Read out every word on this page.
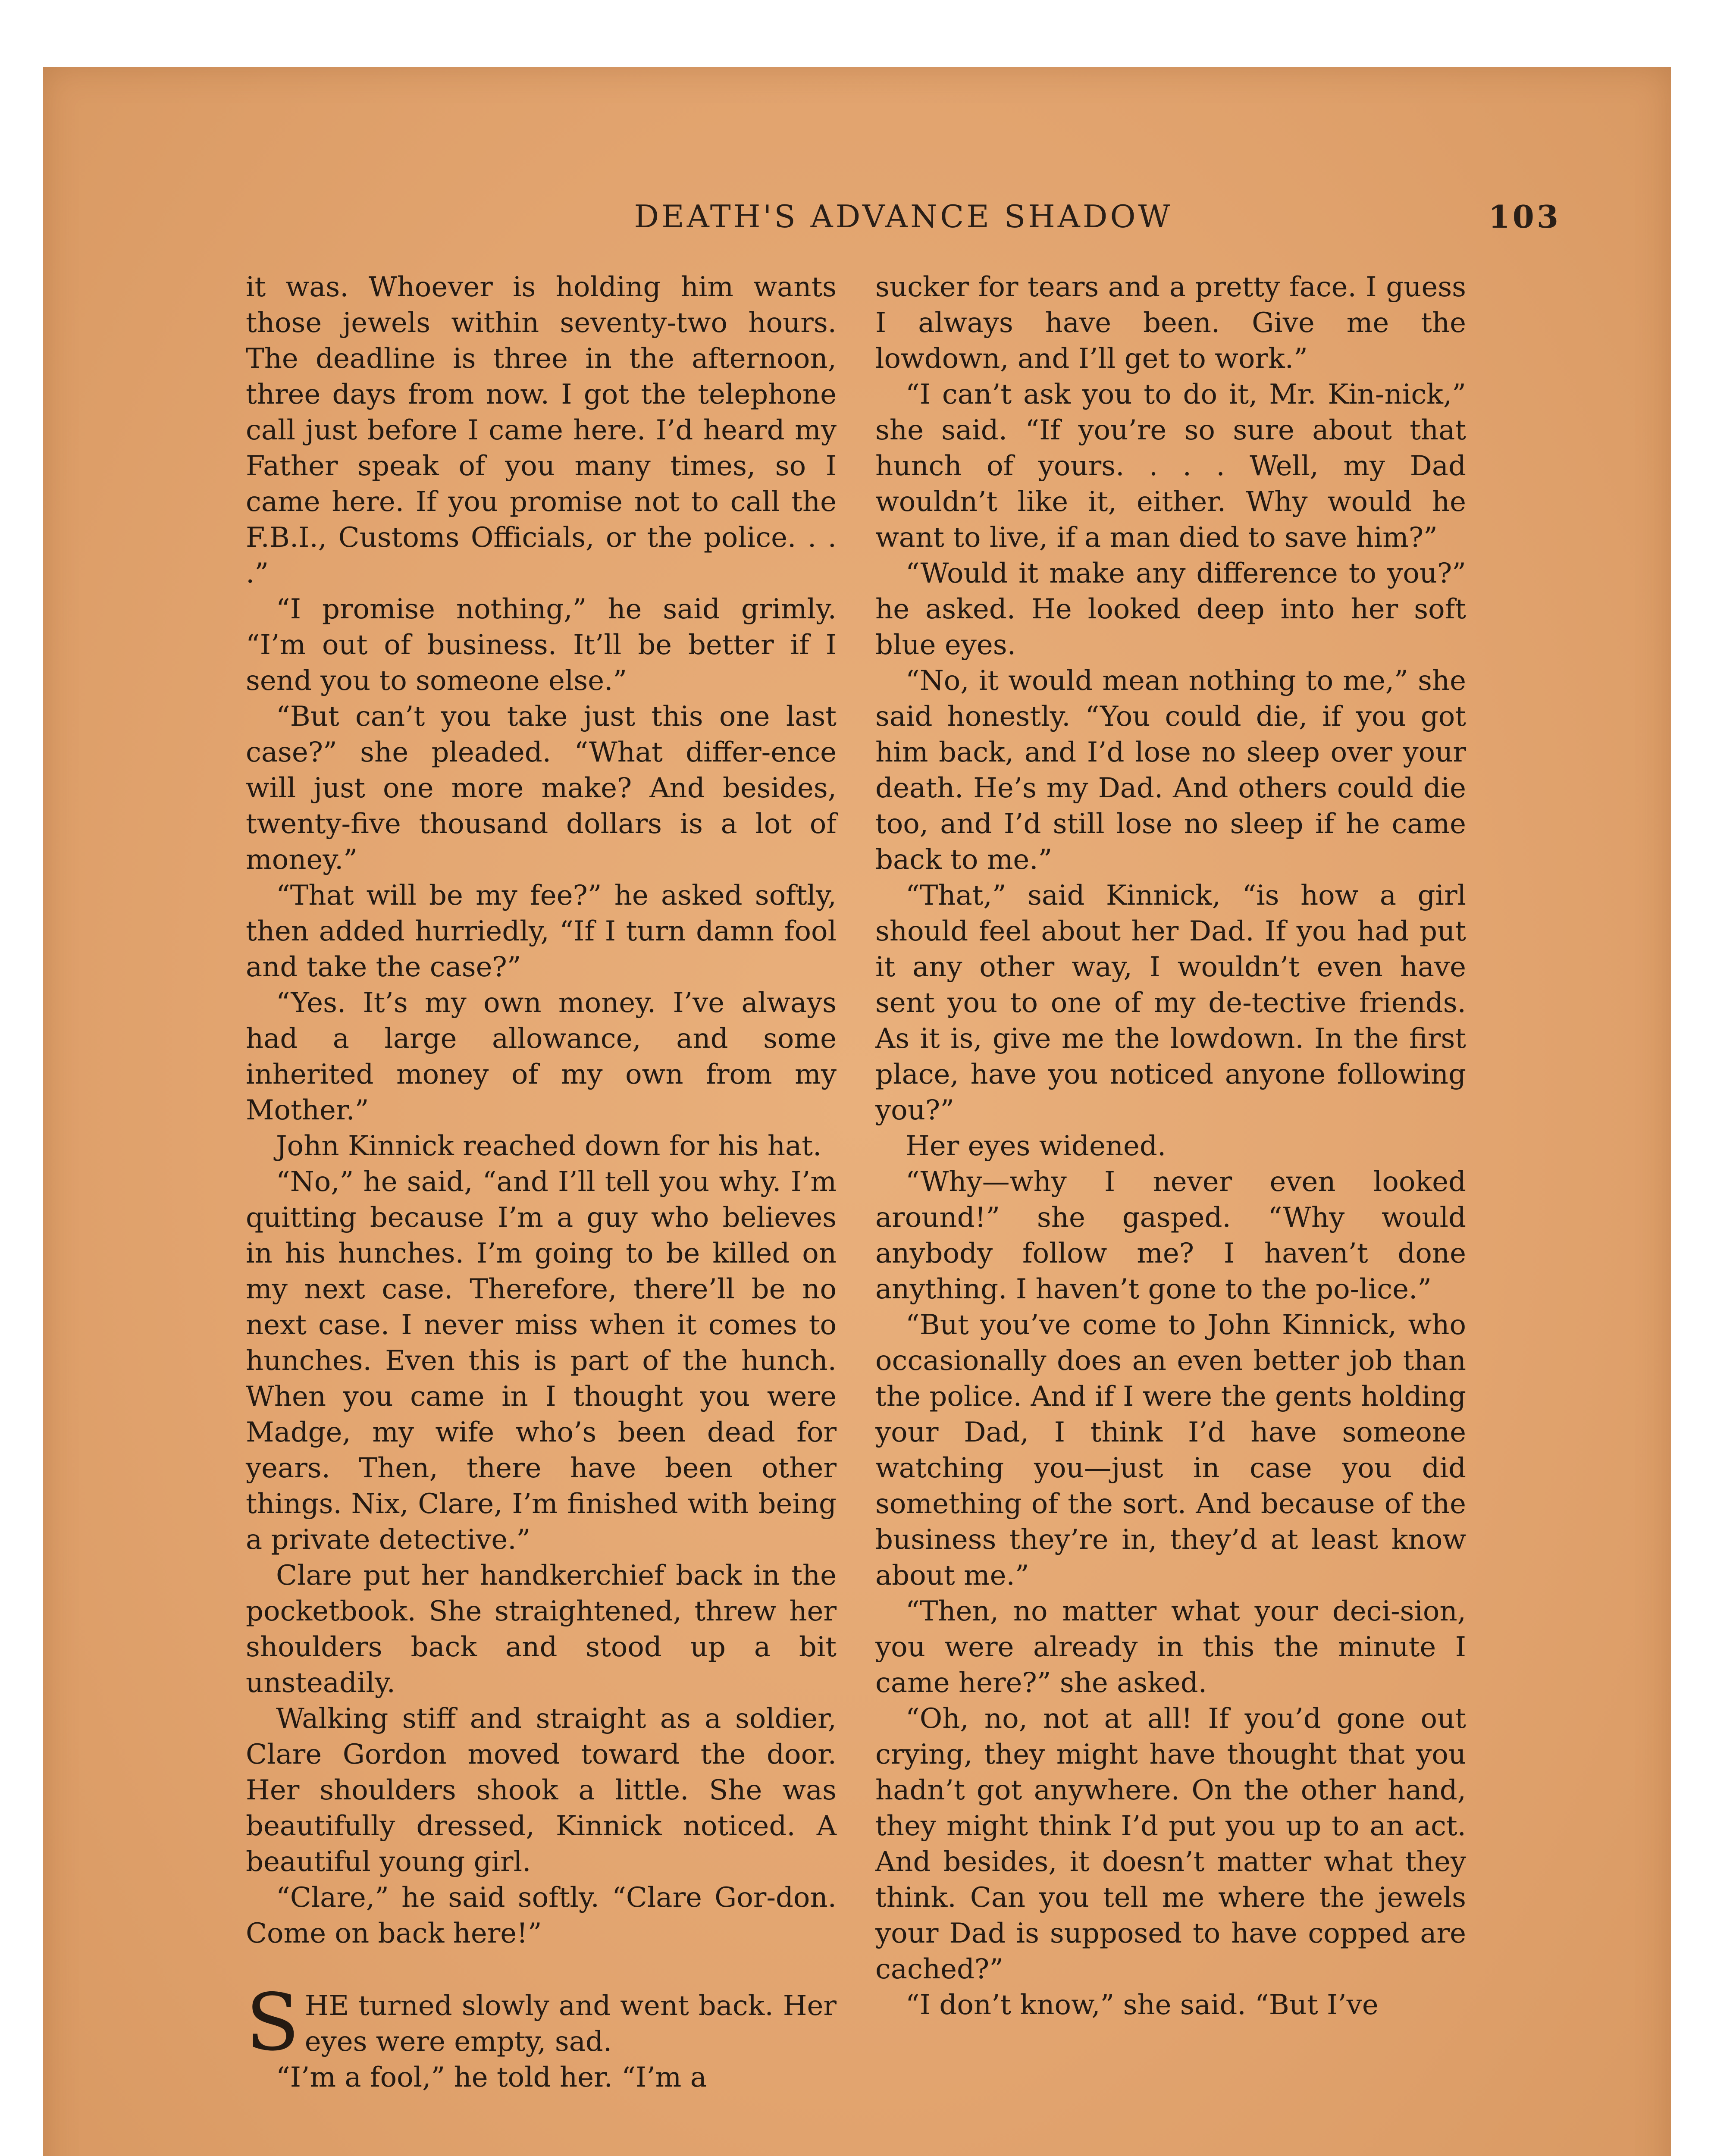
DEATH'S ADVANCE SHADOW	103

it was. Whoever is holding him wants those jewels within seventy-two hours. The deadline is three in the afternoon, three days from now. I got the telephone call just before I came here. I’d heard my Father speak of you many times, so I came here. If you promise not to call the F.B.I., Customs Officials, or the police. . . .”

“I promise nothing,” he said grimly. “I’m out of business. It’ll be better if I send you to someone else.”

“But can’t you take just this one last case?” she pleaded. “What differ-ence will just one more make? And besides, twenty-five thousand dollars is a lot of money.”

“That will be my fee?” he asked softly, then added hurriedly, “If I turn damn fool and take the case?”

“Yes. It’s my own money. I’ve always had a large allowance, and some inherited money of my own from my Mother.”

John Kinnick reached down for his hat.

“No,” he said, “and I’ll tell you why. I’m quitting because I’m a guy who believes in his hunches. I’m going to be killed on my next case. Therefore, there’ll be no next case. I never miss when it comes to hunches. Even this is part of the hunch. When you came in I thought you were Madge, my wife who’s been dead for years. Then, there have been other things. Nix, Clare, I’m finished with being a private detective.”

Clare put her handkerchief back in the pocketbook. She straightened, threw her shoulders back and stood up a bit unsteadily.

Walking stiff and straight as a soldier, Clare Gordon moved toward the door. Her shoulders shook a little. She was beautifully dressed, Kinnick noticed. A beautiful young girl.

“Clare,” he said softly. “Clare Gor-don. Come on back here!”

SHE turned slowly and went back. Her eyes were empty, sad.

“I’m a fool,” he told her. “I’m a

sucker for tears and a pretty face. I guess I always have been. Give me the lowdown, and I’ll get to work.”

“I can’t ask you to do it, Mr. Kin-nick,” she said. “If you’re so sure about that hunch of yours. . . . Well, my Dad wouldn’t like it, either. Why would he want to live, if a man died to save him?”

“Would it make any difference to you?” he asked. He looked deep into her soft blue eyes.

“No, it would mean nothing to me,” she said honestly. “You could die, if you got him back, and I’d lose no sleep over your death. He’s my Dad. And others could die too, and I’d still lose no sleep if he came back to me.”

“That,” said Kinnick, “is how a girl should feel about her Dad. If you had put it any other way, I wouldn’t even have sent you to one of my de-tective friends. As it is, give me the lowdown. In the first place, have you noticed anyone following you?”

Her eyes widened.

“Why—why I never even looked around!” she gasped. “Why would anybody follow me? I haven’t done anything. I haven’t gone to the po-lice.”

“But you’ve come to John Kinnick, who occasionally does an even better job than the police. And if I were the gents holding your Dad, I think I’d have someone watching you—just in case you did something of the sort. And because of the business they’re in, they’d at least know about me.”

“Then, no matter what your deci-sion, you were already in this the minute I came here?” she asked.

“Oh, no, not at all! If you’d gone out crying, they might have thought that you hadn’t got anywhere. On the other hand, they might think I’d put you up to an act. And besides, it doesn’t matter what they think. Can you tell me where the jewels your Dad is supposed to have copped are cached?”

“I don’t know,” she said. “But I’ve
